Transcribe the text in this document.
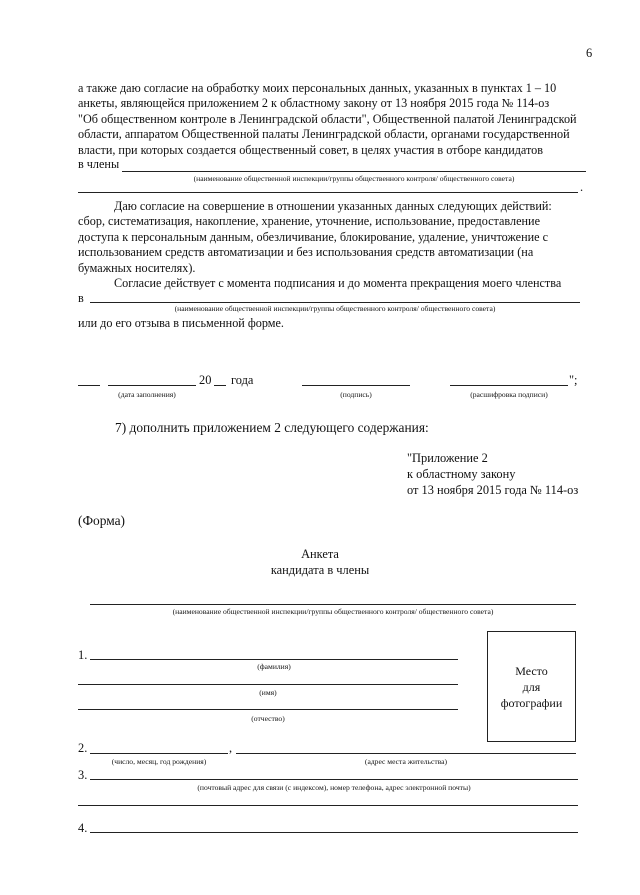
6
а также даю согласие на обработку моих персональных данных, указанных в пунктах 1 – 10
анкеты, являющейся приложением 2 к областному закону от 13 ноября 2015 года № 114-оз
"Об общественном контроле в Ленинградской области", Общественной палатой Ленинградской
области, аппаратом Общественной палаты Ленинградской области, органами государственной
власти, при которых создается общественный совет, в целях участия в отборе кандидатов
в члены
(наименование общественной инспекции/группы общественного контроля/ общественного совета)
.
Даю согласие на совершение в отношении указанных данных следующих действий:
сбор, систематизация, накопление, хранение, уточнение, использование, предоставление
доступа к персональным данным, обезличивание, блокирование, удаление, уничтожение с
использованием средств автоматизации и без использования средств автоматизации (на
бумажных носителях).
Согласие действует с момента подписания и до момента прекращения моего членства
в
(наименование общественной инспекции/группы общественного контроля/ общественного совета)
или до его отзыва в письменной форме.
20 года	";
(дата заполнения)	(подпись)	(расшифровка подписи)
7) дополнить приложением 2 следующего содержания:
"Приложение 2
к областному закону
от 13 ноября 2015 года № 114-оз
(Форма)
Анкета
кандидата в члены
(наименование общественной инспекции/группы общественного контроля/ общественного совета)
Место
для
фотографии
1.
(фамилия)
(имя)
(отчество)
2.	,
(число, месяц, год рождения)	(адрес места жительства)
3.
(почтовый адрес для связи (с индексом), номер телефона, адрес электронной почты)
4.
